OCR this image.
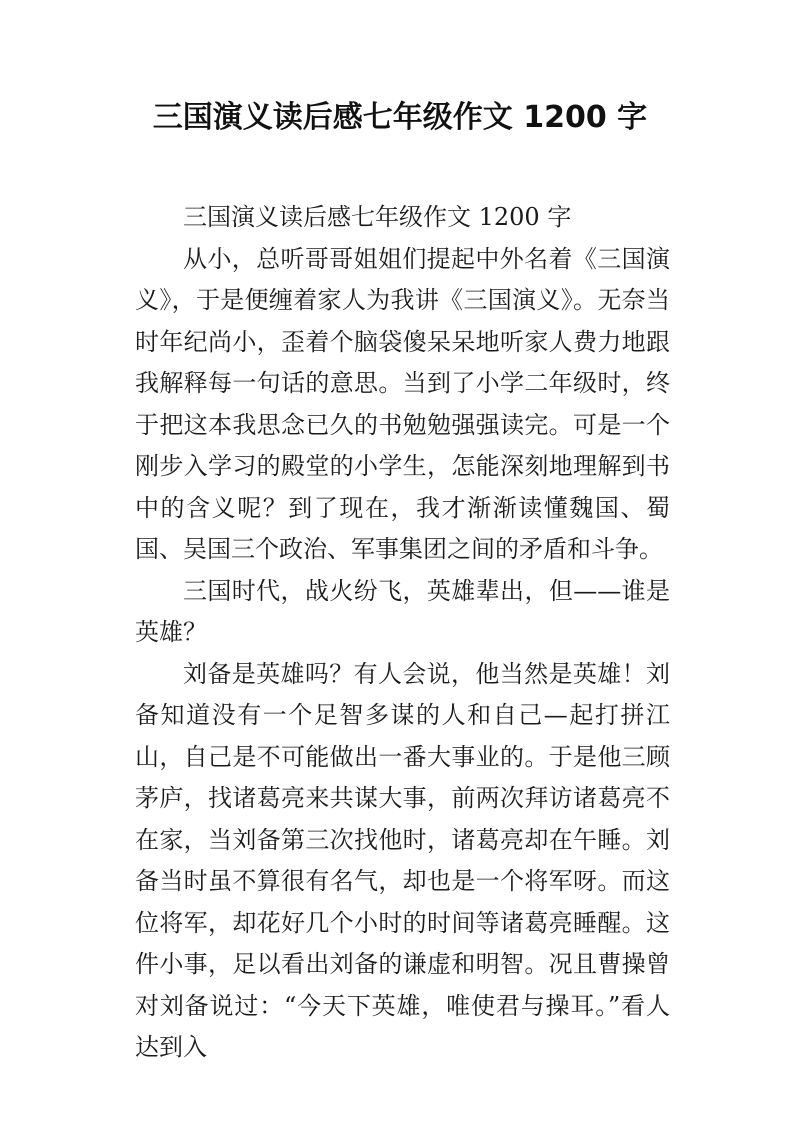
三国演义读后感七年级作文 1200 字

三国演义读后感七年级作文 1200 字

从小，总听哥哥姐姐们提起中外名着《三国演义》，于是便缠着家人为我讲《三国演义》。无奈当时年纪尚小，歪着个脑袋傻呆呆地听家人费力地跟我解释每一句话的意思。当到了小学二年级时，终于把这本我思念已久的书勉勉强强读完。可是一个刚步入学习的殿堂的小学生，怎能深刻地理解到书中的含义呢？到了现在，我才渐渐读懂魏国、蜀国、吴国三个政治、军事集团之间的矛盾和斗争。

三国时代，战火纷飞，英雄辈出，但——谁是英雄？

刘备是英雄吗？有人会说，他当然是英雄！刘备知道没有一个足智多谋的人和自己—起打拼江山，自己是不可能做出一番大事业的。于是他三顾茅庐，找诸葛亮来共谋大事，前两次拜访诸葛亮不在家，当刘备第三次找他时，诸葛亮却在午睡。刘备当时虽不算很有名气，却也是一个将军呀。而这位将军，却花好几个小时的时间等诸葛亮睡醒。这件小事，足以看出刘备的谦虚和明智。况且曹操曾对刘备说过：“今天下英雄，唯使君与操耳。”看人达到入
